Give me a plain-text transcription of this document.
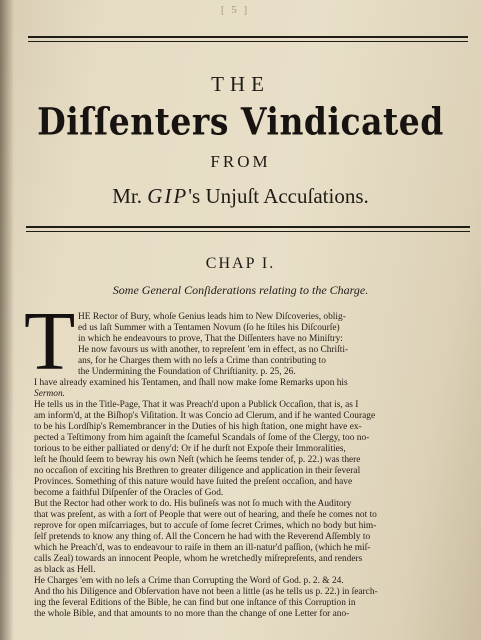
[ 5 ]
THE
Diſſenters Vindicated
FROM
Mr. GIP's Unjuſt Accuſations.
CHAP I.
Some General Conſiderations relating to the Charge.
T HE Rector of Bury, whoſe Genius leads him to New Diſcoveries, oblig-
ed us laſt Summer with a Tentamen Novum (ſo he ſtiles his Diſcourſe)
in which he endeavours to prove, That the Diſſenters have no Miniſtry:
He now favours us with another, to repreſent 'em in effect, as no Chriſti-
ans, for he Charges them with no leſs a Crime than contributing to
the Undermining the Foundation of Chriſtianity. p. 25, 26.
I have already examined his Tentamen, and ſhall now make ſome Remarks upon his
Sermon.
He tells us in the Title-Page, That it was Preach'd upon a Publick Occaſion, that is, as I
am inform'd, at the Biſhop's Viſitation. It was Concio ad Clerum, and if he wanted Courage
to be his Lordſhip's Remembrancer in the Duties of his high ſtation, one might have ex-
pected a Teſtimony from him againſt the ſcameful Scandals of ſome of the Clergy, too no-
torious to be either palliated or deny'd: Or if he durſt not Expoſe their Immoralities,
leſt he ſhould ſeem to bewray his own Neſt (which he ſeems tender of, p. 22.) was there
no occaſion of exciting his Brethren to greater diligence and application in their ſeveral
Provinces. Something of this nature would have ſuited the preſent occaſion, and have
become a faithful Diſpenſer of the Oracles of God.
But the Rector had other work to do. His buſineſs was not ſo much with the Auditory
that was preſent, as with a ſort of People that were out of hearing, and theſe he comes not to
reprove for open miſcarriages, but to accuſe of ſome ſecret Crimes, which no body but him-
ſelf pretends to know any thing of. All the Concern he had with the Reverend Aſſembly to
which he Preach'd, was to endeavour to raiſe in them an ill-natur'd paſſion, (which he miſ-
calls Zeal) towards an innocent People, whom he wretchedly miſrepreſents, and renders
as black as Hell.
He Charges 'em with no leſs a Crime than Corrupting the Word of God. p. 2. & 24.
And tho his Diligence and Obſervation have not been a little (as he tells us p. 22.) in ſearch-
ing the ſeveral Editions of the Bible, he can find but one inſtance of this Corruption in
the whole Bible, and that amounts to no more than the change of one Letter for ano-
